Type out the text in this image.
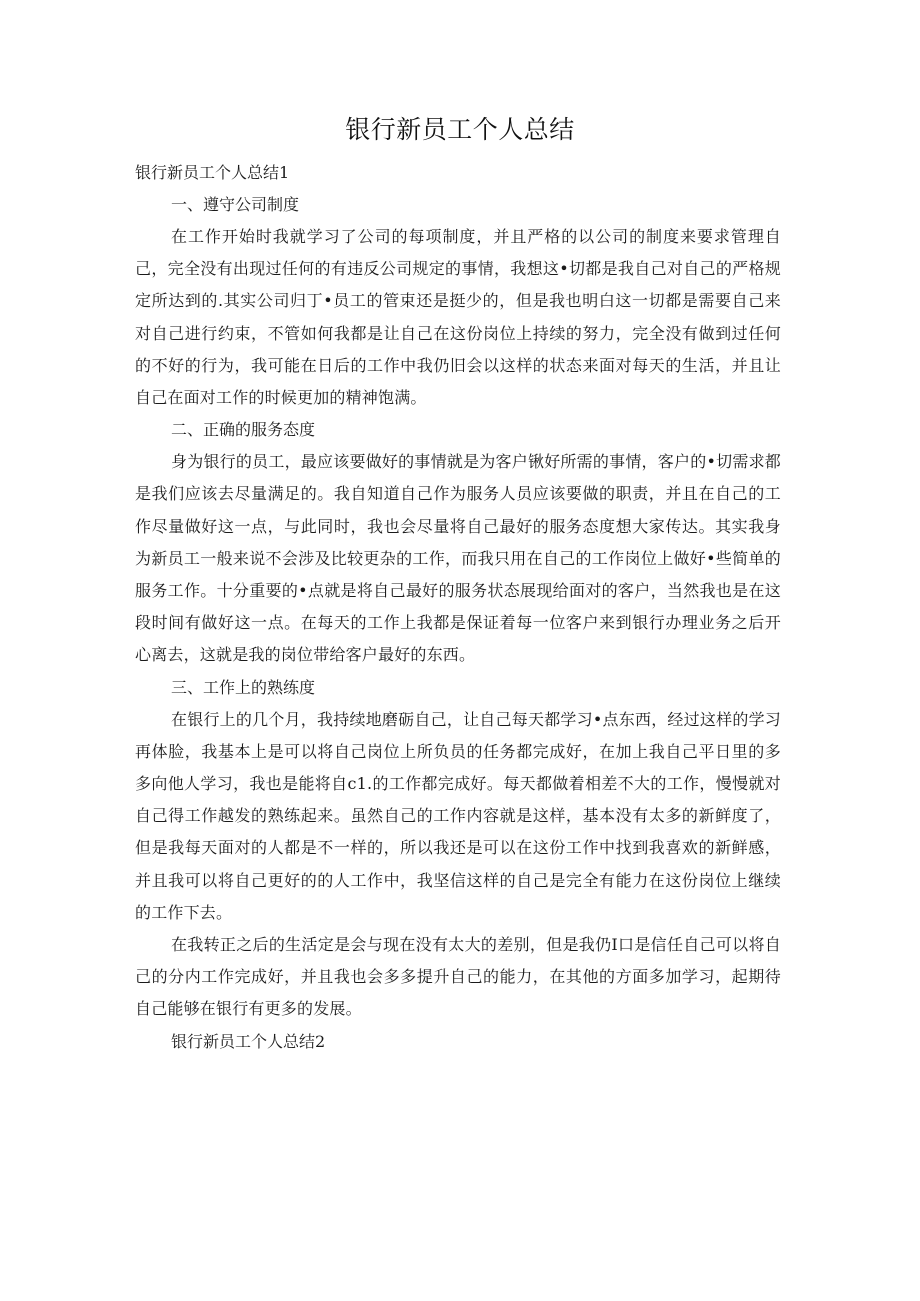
银行新员工个人总结

银行新员工个人总结1

一、遵守公司制度

在工作开始时我就学习了公司的每项制度，并且严格的以公司的制度来要求管理自己，完全没有出现过任何的有违反公司规定的事情，我想这•切都是我自己对自己的严格规定所达到的.其实公司归丁•员工的管束还是挺少的，但是我也明白这一切都是需要自己来对自己进行约束，不管如何我都是让自己在这份岗位上持续的努力，完全没有做到过任何的不好的行为，我可能在日后的工作中我仍旧会以这样的状态来面对每天的生活，并且让自己在面对工作的时候更加的精神饱满。

二、正确的服务态度

身为银行的员工，最应该要做好的事情就是为客户锹好所需的事情，客户的•切需求都是我们应该去尽量满足的。我自知道自己作为服务人员应该要做的职责，并且在自己的工作尽量做好这一点，与此同时，我也会尽量将自己最好的服务态度想大家传达。其实我身为新员工一般来说不会涉及比较更杂的工作，而我只用在自己的工作岗位上做好•些简单的服务工作。十分重要的•点就是将自己最好的服务状态展现给面对的客户，当然我也是在这段时间有做好这一点。在每天的工作上我都是保证着每一位客户来到银行办理业务之后开心离去，这就是我的岗位带给客户最好的东西。

三、工作上的熟练度

在银行上的几个月，我持续地磨砺自己，让自己每天都学习•点东西，经过这样的学习再体脸，我基本上是可以将自己岗位上所负员的任务都完成好，在加上我自己平日里的多多向他人学习，我也是能将自c1.的工作都完成好。每天都做着相差不大的工作，慢慢就对自己得工作越发的熟练起来。虽然自己的工作内容就是这样，基本没有太多的新鲜度了，但是我每天面对的人都是不一样的，所以我还是可以在这份工作中找到我喜欢的新鲜感，并且我可以将自己更好的的人工作中，我坚信这样的自己是完全有能力在这份岗位上继续的工作下去。

在我转正之后的生活定是会与现在没有太大的差别，但是我仍I口是信任自己可以将自己的分内工作完成好，并且我也会多多提升自己的能力，在其他的方面多加学习，起期待自己能够在银行有更多的发展。

银行新员工个人总结2
